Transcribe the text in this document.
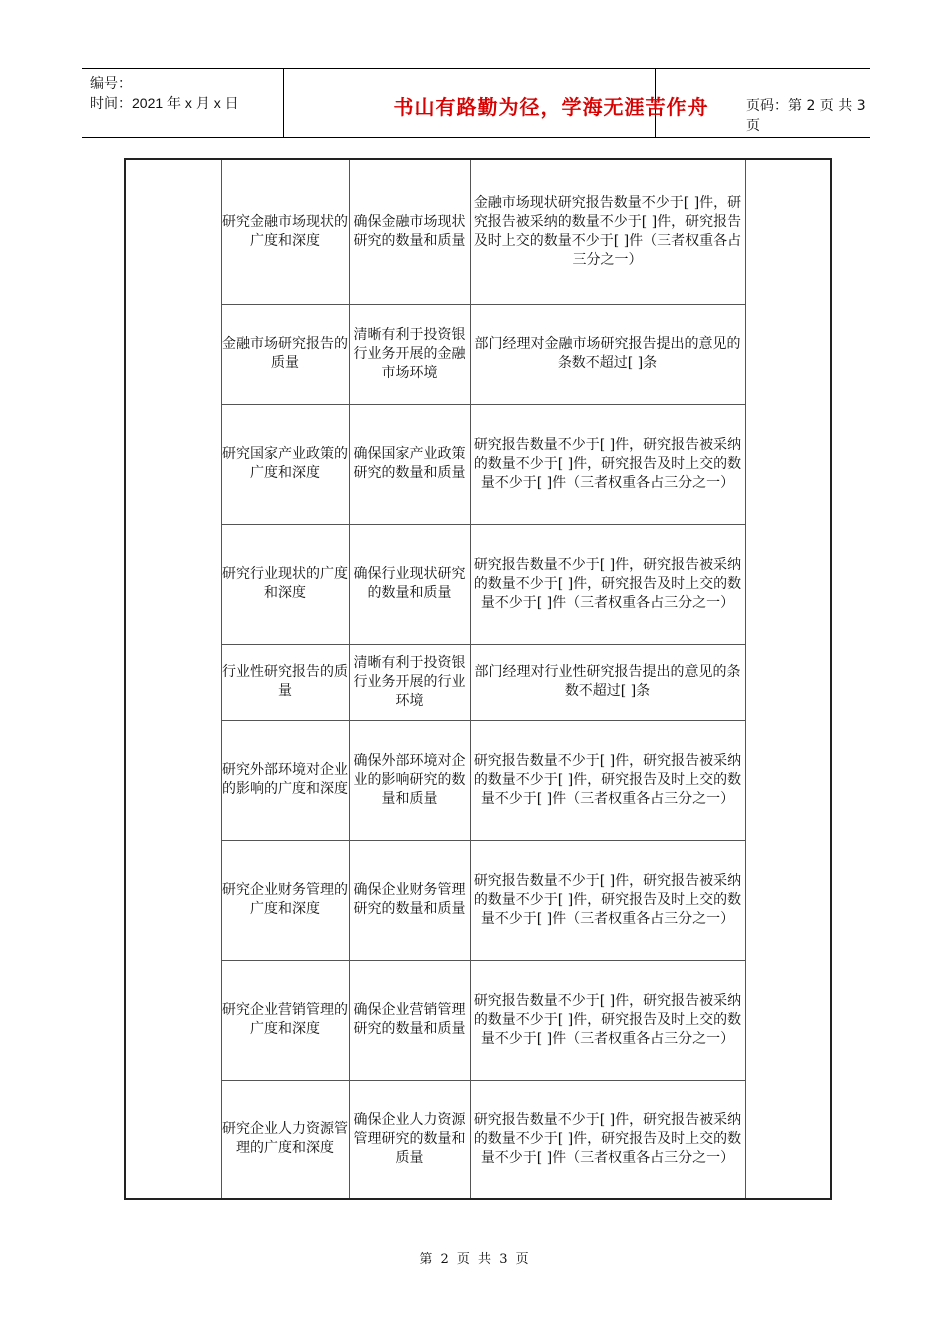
编号：
时间：2021 年 x 月 x 日	书山有路勤为径，学海无涯苦作舟	页码：第 2 页 共 3 页
	研究金融市场现状的广度和深度	确保金融市场现状研究的数量和质量	金融市场现状研究报告数量不少于[ ]件，研究报告被采纳的数量不少于[ ]件，研究报告及时上交的数量不少于[ ]件（三者权重各占三分之一）	
	金融市场研究报告的质量	清晰有利于投资银行业务开展的金融市场环境	部门经理对金融市场研究报告提出的意见的条数不超过[ ]条	
	研究国家产业政策的广度和深度	确保国家产业政策研究的数量和质量	研究报告数量不少于[ ]件，研究报告被采纳的数量不少于[ ]件，研究报告及时上交的数量不少于[ ]件（三者权重各占三分之一）	
	研究行业现状的广度和深度	确保行业现状研究的数量和质量	研究报告数量不少于[ ]件，研究报告被采纳的数量不少于[ ]件，研究报告及时上交的数量不少于[ ]件（三者权重各占三分之一）	
	行业性研究报告的质量	清晰有利于投资银行业务开展的行业环境	部门经理对行业性研究报告提出的意见的条数不超过[ ]条	
	研究外部环境对企业的影响的广度和深度	确保外部环境对企业的影响研究的数量和质量	研究报告数量不少于[ ]件，研究报告被采纳的数量不少于[ ]件，研究报告及时上交的数量不少于[ ]件（三者权重各占三分之一）	
	研究企业财务管理的广度和深度	确保企业财务管理研究的数量和质量	研究报告数量不少于[ ]件，研究报告被采纳的数量不少于[ ]件，研究报告及时上交的数量不少于[ ]件（三者权重各占三分之一）	
	研究企业营销管理的广度和深度	确保企业营销管理研究的数量和质量	研究报告数量不少于[ ]件，研究报告被采纳的数量不少于[ ]件，研究报告及时上交的数量不少于[ ]件（三者权重各占三分之一）	
	研究企业人力资源管理的广度和深度	确保企业人力资源管理研究的数量和质量	研究报告数量不少于[ ]件，研究报告被采纳的数量不少于[ ]件，研究报告及时上交的数量不少于[ ]件（三者权重各占三分之一）	
第 2 页 共 3 页
